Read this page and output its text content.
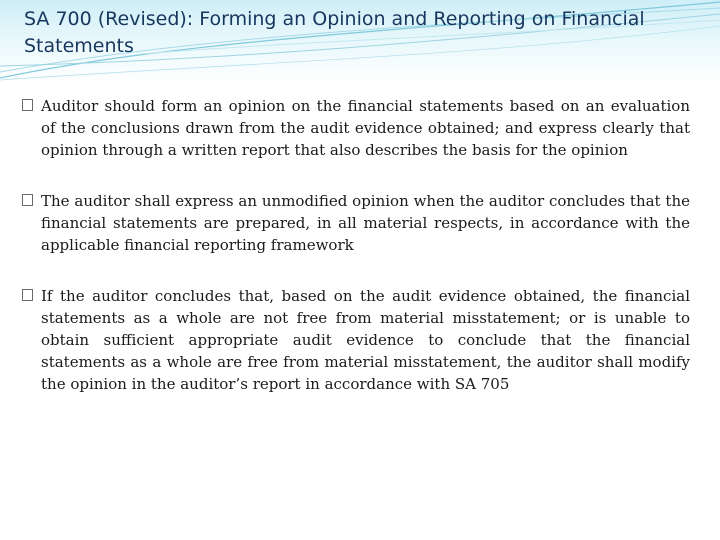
SA 700 (Revised): Forming an Opinion and Reporting on Financial Statements
Auditor should form an opinion on the financial statements based on an evaluation of the conclusions drawn from the audit evidence obtained; and express clearly that opinion through a written report that also describes the basis for the opinion
The auditor shall express an unmodified opinion when the auditor concludes that the financial statements are prepared, in all material respects, in accordance with the applicable financial reporting framework
If the auditor concludes that, based on the audit evidence obtained, the financial statements as a whole are not free from material misstatement; or is unable to obtain sufficient appropriate audit evidence to conclude that the financial statements as a whole are free from material misstatement, the auditor shall modify the opinion in the auditor’s report in accordance with SA 705
